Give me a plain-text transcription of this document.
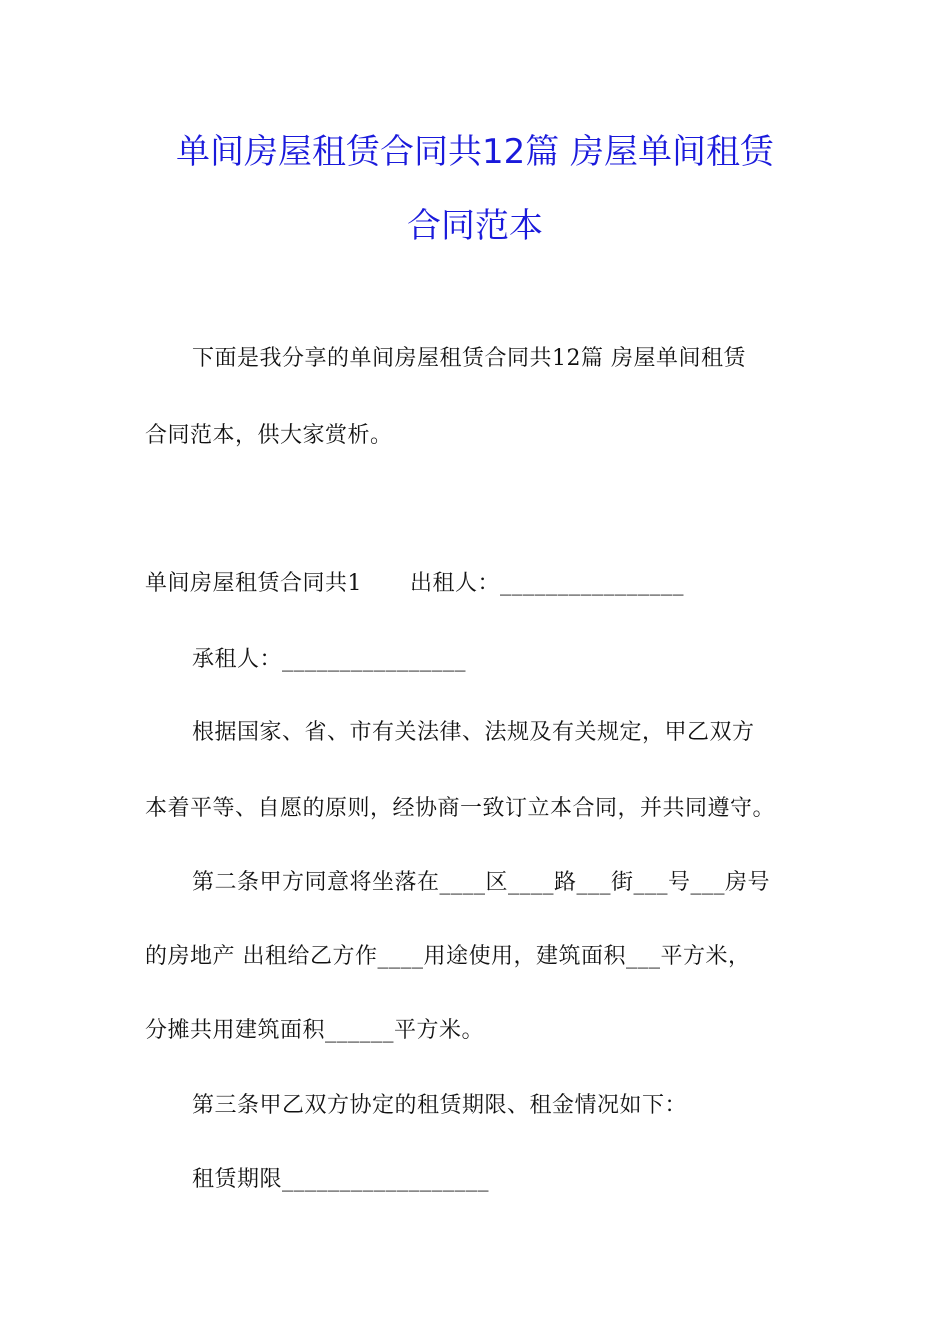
单间房屋租赁合同共12篇 房屋单间租赁
合同范本
下面是我分享的单间房屋租赁合同共12篇 房屋单间租赁
合同范本，供大家赏析。
单间房屋租赁合同共1 出租人：________________
承租人：________________
根据国家、省、市有关法律、法规及有关规定，甲乙双方
本着平等、自愿的原则，经协商一致订立本合同，并共同遵守。
第二条甲方同意将坐落在____区____路___街___号___房号
的房地产 出租给乙方作____用途使用，建筑面积___平方米，
分摊共用建筑面积______平方米。
第三条甲乙双方协定的租赁期限、租金情况如下：
租赁期限__________________
